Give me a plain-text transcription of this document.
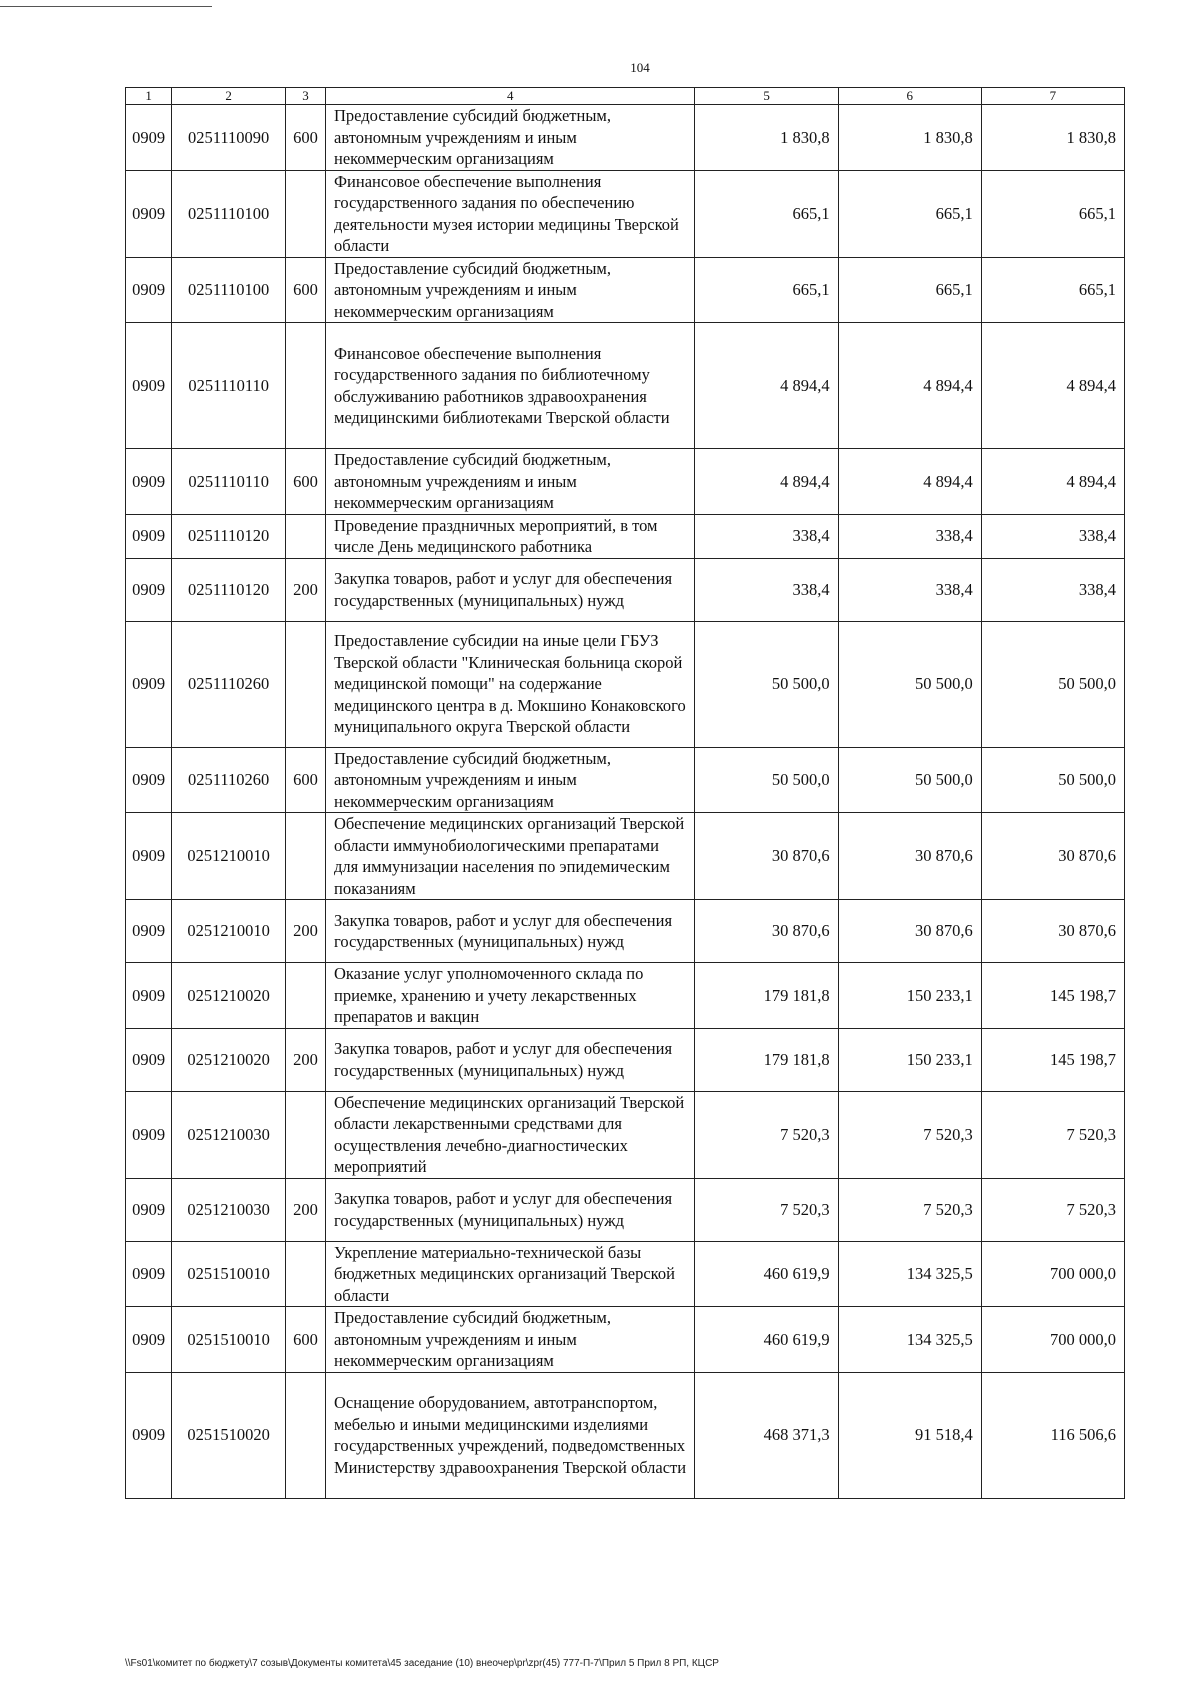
104
1	2	3	4	5	6	7
0909	0251110090	600	Предоставление субсидий бюджетным, автономным учреждениям и иным некоммерческим организациям	1 830,8	1 830,8	1 830,8
0909	0251110100		Финансовое обеспечение выполнения государственного задания по обеспечению деятельности музея истории медицины Тверской области	665,1	665,1	665,1
0909	0251110100	600	Предоставление субсидий бюджетным, автономным учреждениям и иным некоммерческим организациям	665,1	665,1	665,1
0909	0251110110		Финансовое обеспечение выполнения государственного задания по библиотечному обслуживанию работников здравоохранения медицинскими библиотеками Тверской области	4 894,4	4 894,4	4 894,4
0909	0251110110	600	Предоставление субсидий бюджетным, автономным учреждениям и иным некоммерческим организациям	4 894,4	4 894,4	4 894,4
0909	0251110120		Проведение праздничных мероприятий, в том числе День медицинского работника	338,4	338,4	338,4
0909	0251110120	200	Закупка товаров, работ и услуг для обеспечения государственных (муниципальных) нужд	338,4	338,4	338,4
0909	0251110260		Предоставление субсидии на иные цели ГБУЗ Тверской области "Клиническая больница скорой медицинской помощи" на содержание медицинского центра в д. Мокшино Конаковского муниципального округа Тверской области	50 500,0	50 500,0	50 500,0
0909	0251110260	600	Предоставление субсидий бюджетным, автономным учреждениям и иным некоммерческим организациям	50 500,0	50 500,0	50 500,0
0909	0251210010		Обеспечение медицинских организаций Тверской области иммунобиологическими препаратами для иммунизации населения по эпидемическим показаниям	30 870,6	30 870,6	30 870,6
0909	0251210010	200	Закупка товаров, работ и услуг для обеспечения государственных (муниципальных) нужд	30 870,6	30 870,6	30 870,6
0909	0251210020		Оказание услуг уполномоченного склада по приемке, хранению и учету лекарственных препаратов и вакцин	179 181,8	150 233,1	145 198,7
0909	0251210020	200	Закупка товаров, работ и услуг для обеспечения государственных (муниципальных) нужд	179 181,8	150 233,1	145 198,7
0909	0251210030		Обеспечение медицинских организаций Тверской области лекарственными средствами для осуществления лечебно-диагностических мероприятий	7 520,3	7 520,3	7 520,3
0909	0251210030	200	Закупка товаров, работ и услуг для обеспечения государственных (муниципальных) нужд	7 520,3	7 520,3	7 520,3
0909	0251510010		Укрепление материально-технической базы бюджетных медицинских организаций Тверской области	460 619,9	134 325,5	700 000,0
0909	0251510010	600	Предоставление субсидий бюджетным, автономным учреждениям и иным некоммерческим организациям	460 619,9	134 325,5	700 000,0
0909	0251510020		Оснащение оборудованием, автотранспортом, мебелью и иными медицинскими изделиями государственных учреждений, подведомственных Министерству здравоохранения Тверской области	468 371,3	91 518,4	116 506,6
\\Fs01\комитет по бюджету\7 созыв\Документы комитета\45 заседание (10) внеочер\pr\zpr(45) 777-П-7\Прил 5 Прил 8 РП, КЦСР
